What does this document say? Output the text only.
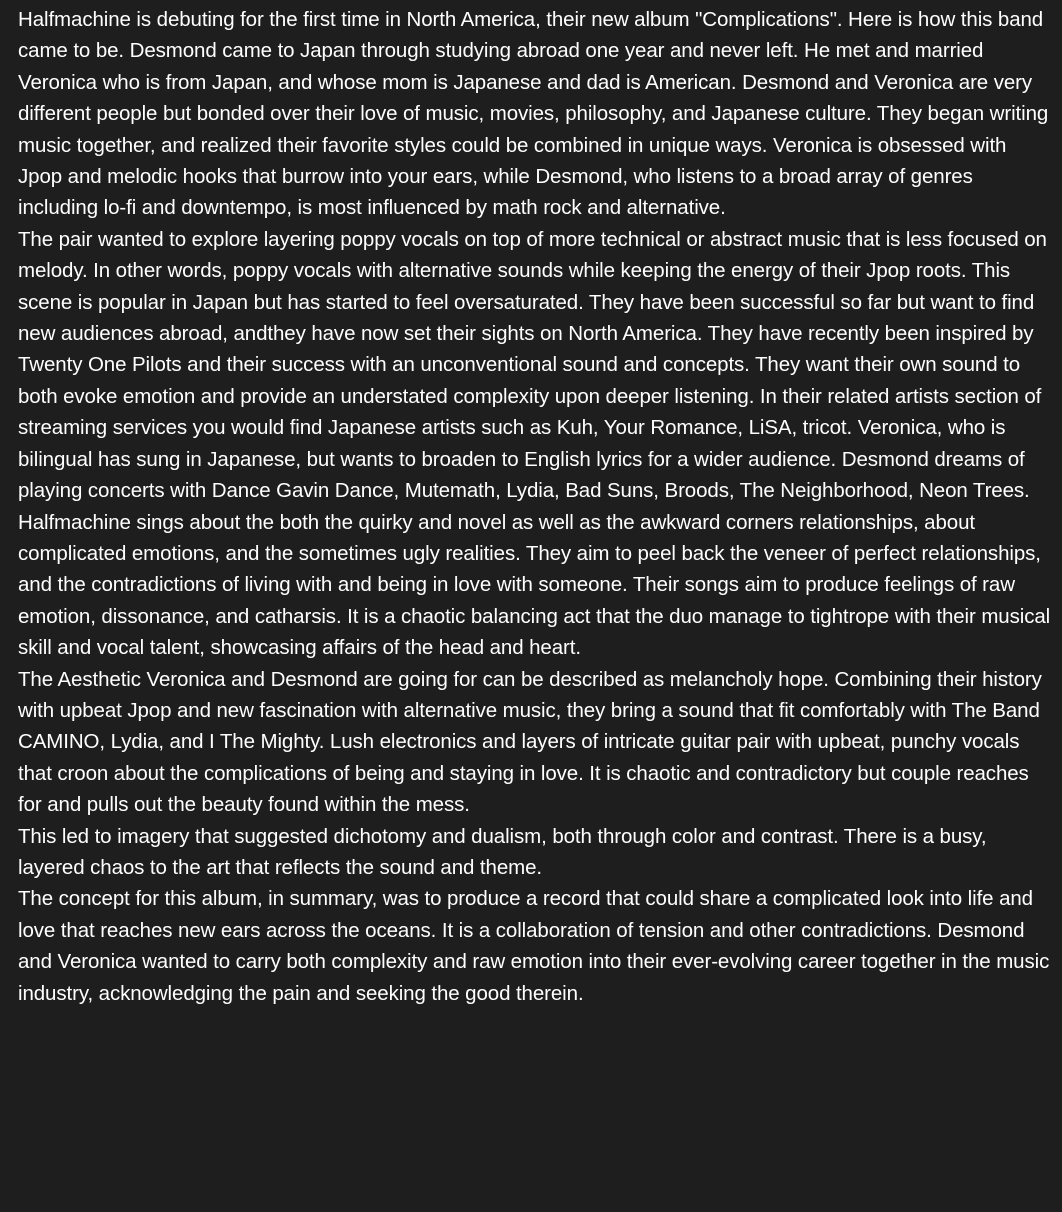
Halfmachine is debuting for the first time in North America, their new album "Complications". Here is how this band came to be. Desmond came to Japan through studying abroad one year and never left. He met and married Veronica who is from Japan, and whose mom is Japanese and dad is American. Desmond and Veronica are very different people but bonded over their love of music, movies, philosophy, and Japanese culture. They began writing music together, and realized their favorite styles could be combined in unique ways. Veronica is obsessed with Jpop and melodic hooks that burrow into your ears, while Desmond, who listens to a broad array of genres including lo-fi and downtempo, is most influenced by math rock and alternative.

The pair wanted to explore layering poppy vocals on top of more technical or abstract music that is less focused on melody. In other words, poppy vocals with alternative sounds while keeping the energy of their Jpop roots. This scene is popular in Japan but has started to feel oversaturated. They have been successful so far but want to find new audiences abroad, andthey have now set their sights on North America. They have recently been inspired by Twenty One Pilots and their success with an unconventional sound and concepts. They want their own sound to both evoke emotion and provide an understated complexity upon deeper listening. In their related artists section of streaming services you would find Japanese artists such as Kuh, Your Romance, LiSA, tricot. Veronica, who is bilingual has sung in Japanese, but wants to broaden to English lyrics for a wider audience. Desmond dreams of playing concerts with Dance Gavin Dance, Mutemath, Lydia, Bad Suns, Broods, The Neighborhood, Neon Trees.

Halfmachine sings about the both the quirky and novel as well as the awkward corners relationships, about complicated emotions, and the sometimes ugly realities. They aim to peel back the veneer of perfect relationships, and the contradictions of living with and being in love with someone. Their songs aim to produce feelings of raw emotion, dissonance, and catharsis. It is a chaotic balancing act that the duo manage to tightrope with their musical skill and vocal talent, showcasing affairs of the head and heart.

The Aesthetic Veronica and Desmond are going for can be described as melancholy hope. Combining their history with upbeat Jpop and new fascination with alternative music, they bring a sound that fit comfortably with The Band CAMINO, Lydia, and I The Mighty. Lush electronics and layers of intricate guitar pair with upbeat, punchy vocals that croon about the complications of being and staying in love. It is chaotic and contradictory but couple reaches for and pulls out the beauty found within the mess.

This led to imagery that suggested dichotomy and dualism, both through color and contrast. There is a busy, layered chaos to the art that reflects the sound and theme.

The concept for this album, in summary, was to produce a record that could share a complicated look into life and love that reaches new ears across the oceans. It is a collaboration of tension and other contradictions. Desmond and Veronica wanted to carry both complexity and raw emotion into their ever-evolving career together in the music industry, acknowledging the pain and seeking the good therein.
